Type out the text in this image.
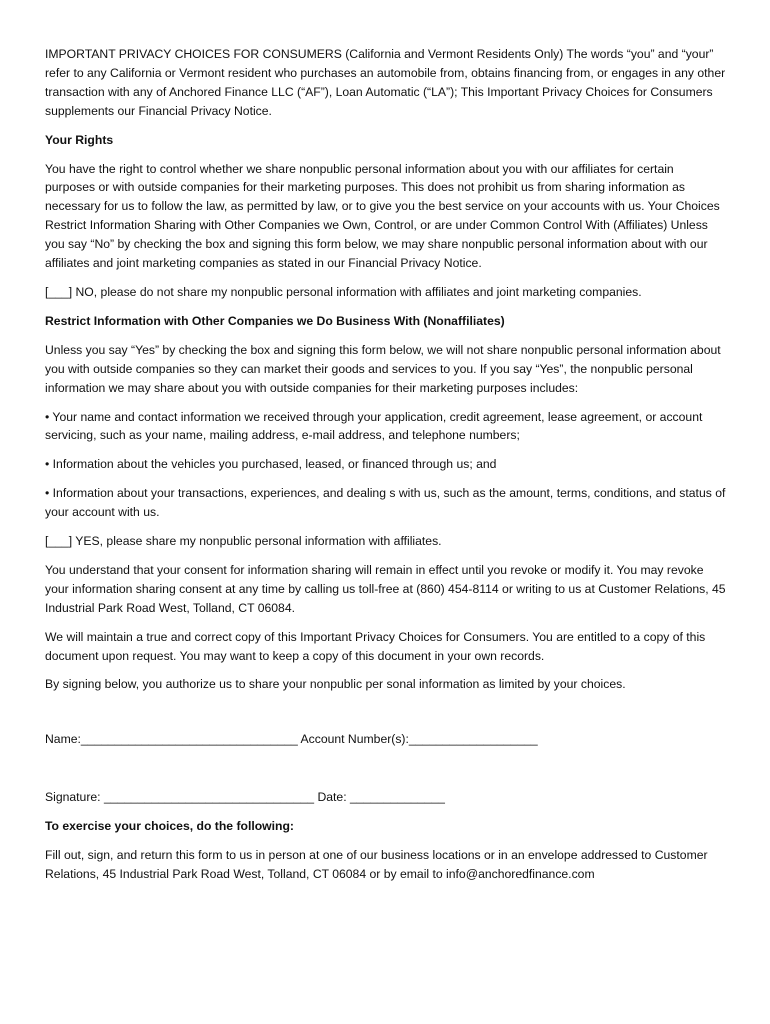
IMPORTANT PRIVACY CHOICES FOR CONSUMERS (California and Vermont Residents Only) The words “you” and “your” refer to any California or Vermont resident who purchases an automobile from, obtains financing from, or engages in any other transaction with any of Anchored Finance LLC (“AF”), Loan Automatic (“LA”); This Important Privacy Choices for Consumers supplements our Financial Privacy Notice.

Your Rights

You have the right to control whether we share nonpublic personal information about you with our affiliates for certain purposes or with outside companies for their marketing purposes. This does not prohibit us from sharing information as necessary for us to follow the law, as permitted by law, or to give you the best service on your accounts with us. Your Choices Restrict Information Sharing with Other Companies we Own, Control, or are under Common Control With (Affiliates) Unless you say “No” by checking the box and signing this form below, we may share nonpublic personal information about with our affiliates and joint marketing companies as stated in our Financial Privacy Notice.

[___] NO, please do not share my nonpublic personal information with affiliates and joint marketing companies.

Restrict Information with Other Companies we Do Business With (Nonaffiliates)

Unless you say “Yes” by checking the box and signing this form below, we will not share nonpublic personal information about you with outside companies so they can market their goods and services to you. If you say “Yes”, the nonpublic personal information we may share about you with outside companies for their marketing purposes includes:

• Your name and contact information we received through your application, credit agreement, lease agreement, or account servicing, such as your name, mailing address, e-mail address, and telephone numbers;

• Information about the vehicles you purchased, leased, or financed through us; and

• Information about your transactions, experiences, and dealing s with us, such as the amount, terms, conditions, and status of your account with us.

[___] YES, please share my nonpublic personal information with affiliates.

You understand that your consent for information sharing will remain in effect until you revoke or modify it. You may revoke your information sharing consent at any time by calling us toll-free at (860) 454-8114 or writing to us at Customer Relations, 45 Industrial Park Road West, Tolland, CT 06084.

We will maintain a true and correct copy of this Important Privacy Choices for Consumers. You are entitled to a copy of this document upon request. You may want to keep a copy of this document in your own records.

By signing below, you authorize us to share your nonpublic per sonal information as limited by your choices.

Name:________________________________ Account Number(s):___________________

Signature: _______________________________ Date: ______________

To exercise your choices, do the following:

Fill out, sign, and return this form to us in person at one of our business locations or in an envelope addressed to Customer Relations, 45 Industrial Park Road West, Tolland, CT 06084 or by email to info@anchoredfinance.com
